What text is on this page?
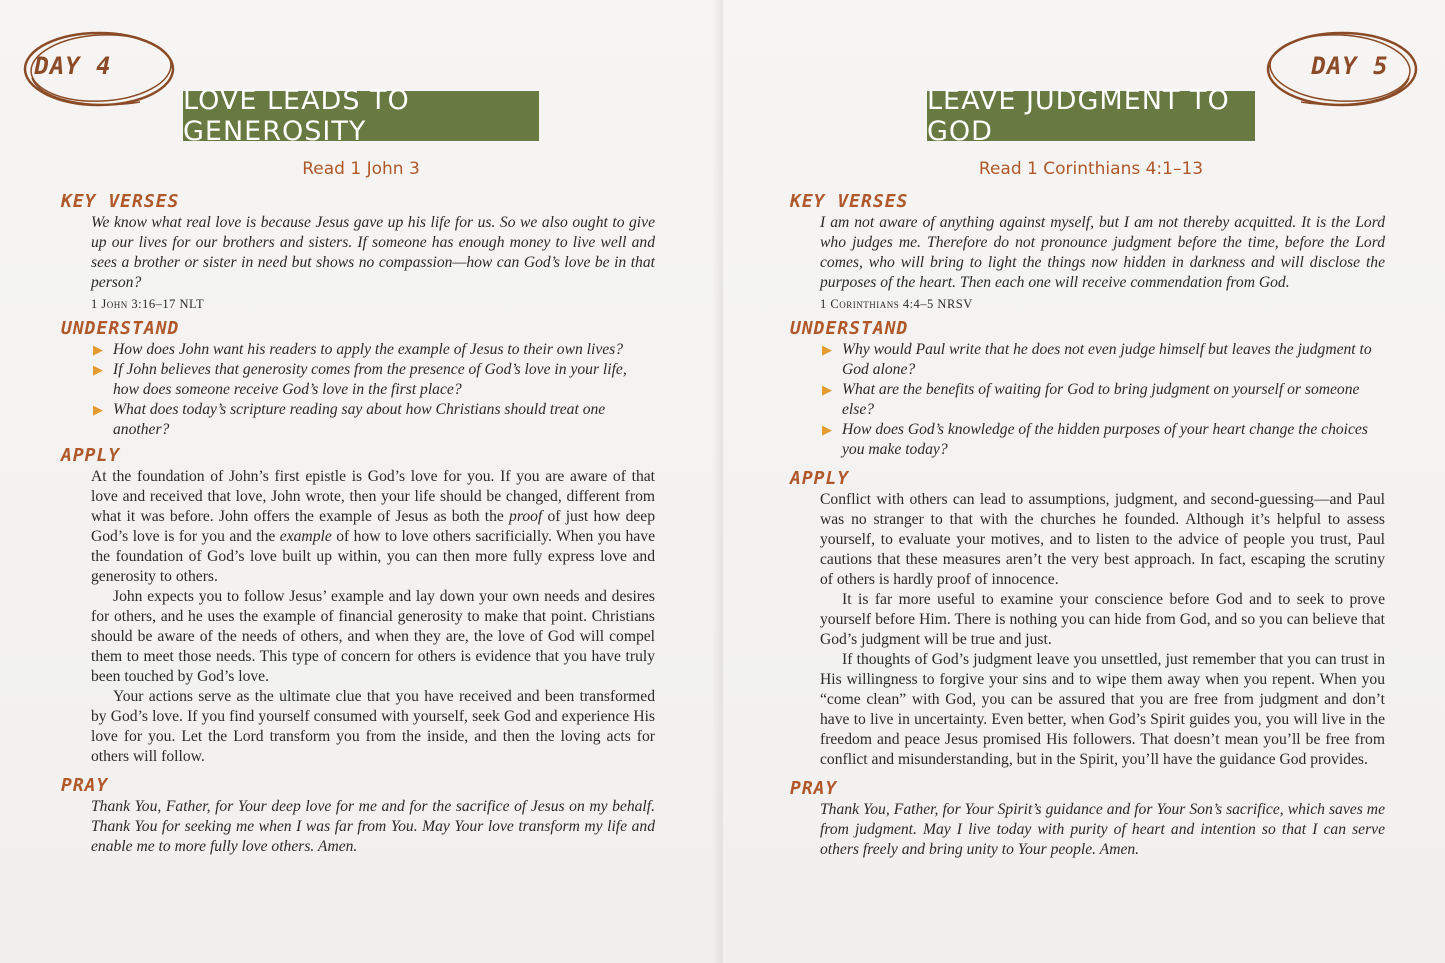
DAY 4
LOVE LEADS TO GENEROSITY
Read 1 John 3
KEY VERSES
We know what real love is because Jesus gave up his life for us. So we also ought to give up our lives for our brothers and sisters. If someone has enough money to live well and sees a brother or sister in need but shows no compassion—how can God’s love be in that person?
1 John 3:16–17 NLT
UNDERSTAND
▶ How does John want his readers to apply the example of Jesus to their own lives?
▶ If John believes that generosity comes from the presence of God’s love in your life, how does someone receive God’s love in the first place?
▶ What does today’s scripture reading say about how Christians should treat one another?
APPLY

At the foundation of John’s first epistle is God’s love for you. If you are aware of that love and received that love, John wrote, then your life should be changed, different from what it was before. John offers the example of Jesus as both the proof of just how deep God’s love is for you and the example of how to love others sacrificially. When you have the foundation of God’s love built up within, you can then more fully express love and generosity to others.

John expects you to follow Jesus’ example and lay down your own needs and desires for others, and he uses the example of financial generosity to make that point. Christians should be aware of the needs of others, and when they are, the love of God will compel them to meet those needs. This type of concern for others is evidence that you have truly been touched by God’s love.

Your actions serve as the ultimate clue that you have received and been transformed by God’s love. If you find yourself consumed with yourself, seek God and experience His love for you. Let the Lord transform you from the inside, and then the loving acts for others will follow.

PRAY

Thank You, Father, for Your deep love for me and for the sacrifice of Jesus on my behalf. Thank You for seeking me when I was far from You. May Your love transform my life and enable me to more fully love others. Amen.

DAY 5
LEAVE JUDGMENT TO GOD
Read 1 Corinthians 4:1–13
KEY VERSES
I am not aware of anything against myself, but I am not thereby acquitted. It is the Lord who judges me. Therefore do not pronounce judgment before the time, before the Lord comes, who will bring to light the things now hidden in darkness and will disclose the purposes of the heart. Then each one will receive commendation from God.
1 Corinthians 4:4–5 NRSV
UNDERSTAND
▶ Why would Paul write that he does not even judge himself but leaves the judgment to God alone?
▶ What are the benefits of waiting for God to bring judgment on yourself or someone else?
▶ How does God’s knowledge of the hidden purposes of your heart change the choices you make today?
APPLY

Conflict with others can lead to assumptions, judgment, and second-guessing—and Paul was no stranger to that with the churches he founded. Although it’s helpful to assess yourself, to evaluate your motives, and to listen to the advice of people you trust, Paul cautions that these measures aren’t the very best approach. In fact, escaping the scrutiny of others is hardly proof of innocence.

It is far more useful to examine your conscience before God and to seek to prove yourself before Him. There is nothing you can hide from God, and so you can believe that God’s judgment will be true and just.

If thoughts of God’s judgment leave you unsettled, just remember that you can trust in His willingness to forgive your sins and to wipe them away when you repent. When you “come clean” with God, you can be assured that you are free from judgment and don’t have to live in uncertainty. Even better, when God’s Spirit guides you, you will live in the freedom and peace Jesus promised His followers. That doesn’t mean you’ll be free from conflict and misunderstanding, but in the Spirit, you’ll have the guidance God provides.

PRAY

Thank You, Father, for Your Spirit’s guidance and for Your Son’s sacrifice, which saves me from judgment. May I live today with purity of heart and intention so that I can serve others freely and bring unity to Your people. Amen.
